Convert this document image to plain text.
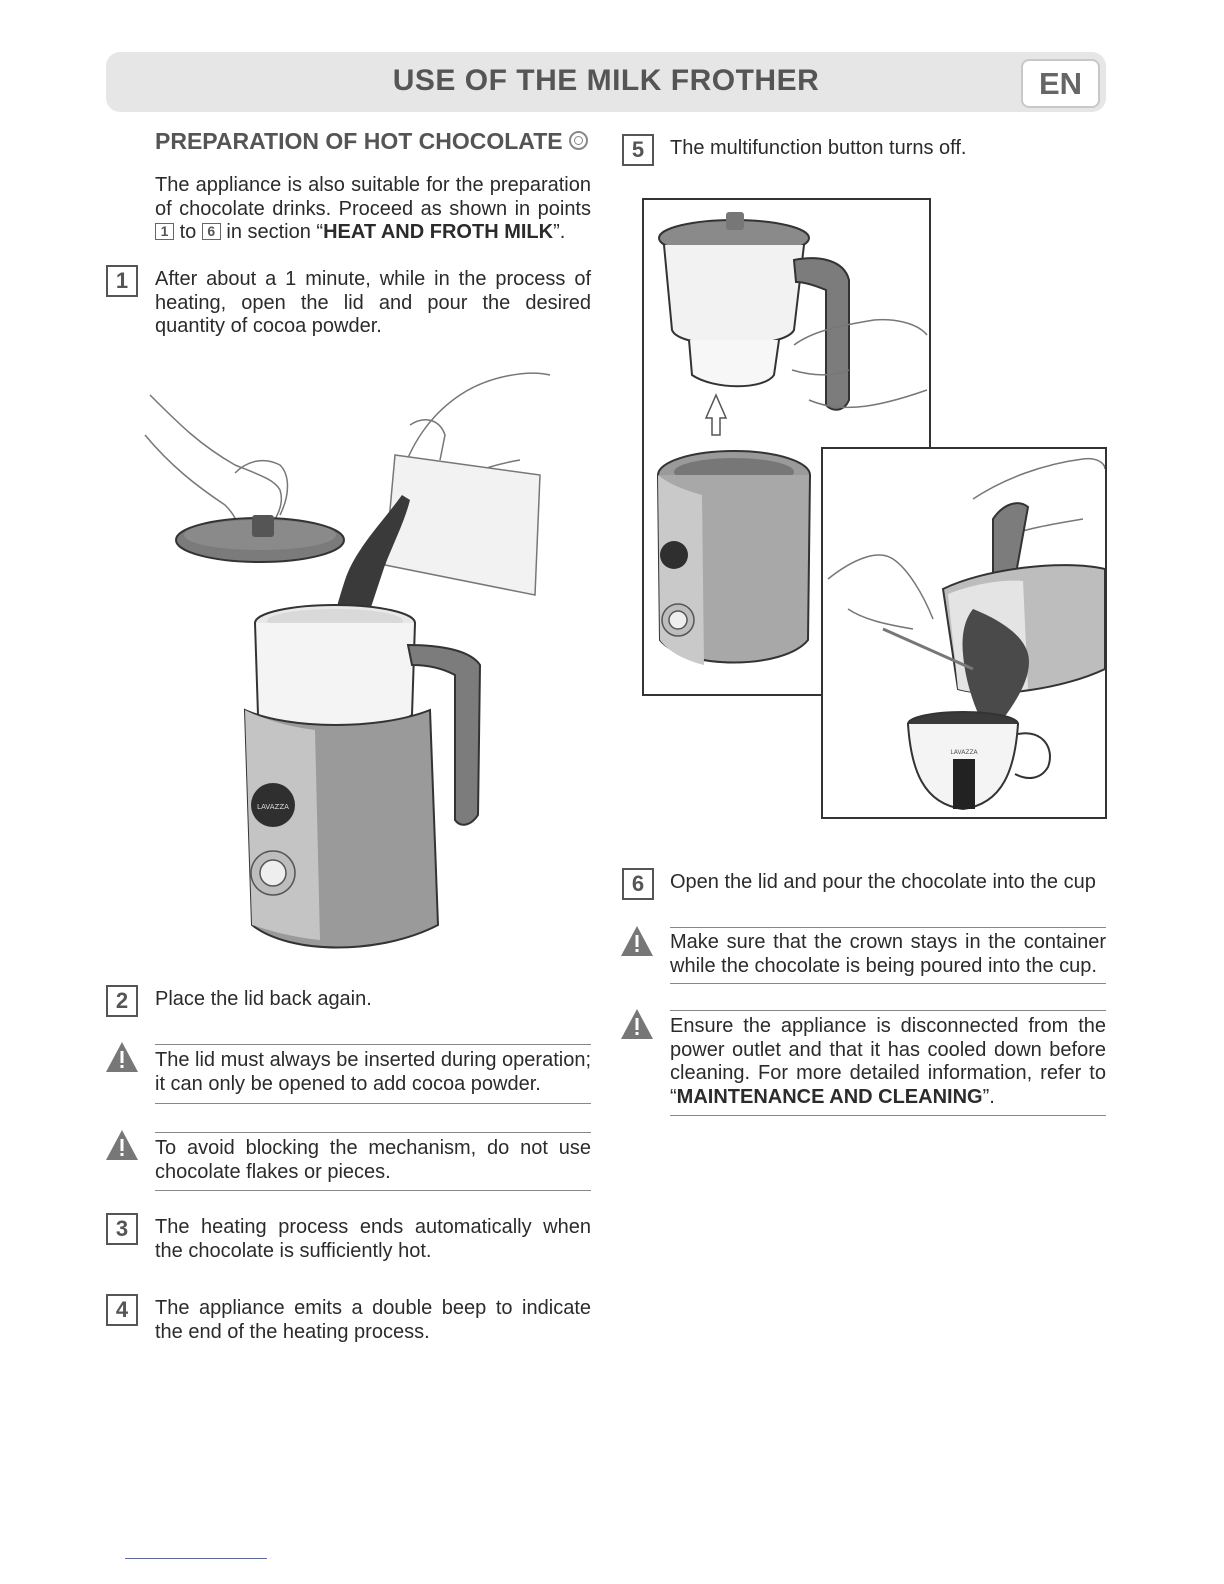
USE OF THE MILK FROTHER	EN
PREPARATION OF HOT CHOCOLATE
The appliance is also suitable for the preparation of chocolate drinks. Proceed as shown in points 1 to 6 in section “HEAT AND FROTH MILK”.
1	After about a 1 minute, while in the process of heating, open the lid and pour the desired quantity of cocoa powder.
LAVAZZA
2	Place the lid back again.
The lid must always be inserted during operation; it can only be opened to add cocoa powder.
To avoid blocking the mechanism, do not use chocolate flakes or pieces.
3	The heating process ends automatically when the chocolate is sufficiently hot.
4	The appliance emits a double beep to indicate the end of the heating process.
5	The multifunction button turns off.
LAVAZZA
6	Open the lid and pour the chocolate into the cup
Make sure that the crown stays in the container while the chocolate is being poured into the cup.
Ensure the appliance is disconnected from the power outlet and that it has cooled down before cleaning. For more detailed information, refer to “MAINTENANCE AND CLEANING”.
